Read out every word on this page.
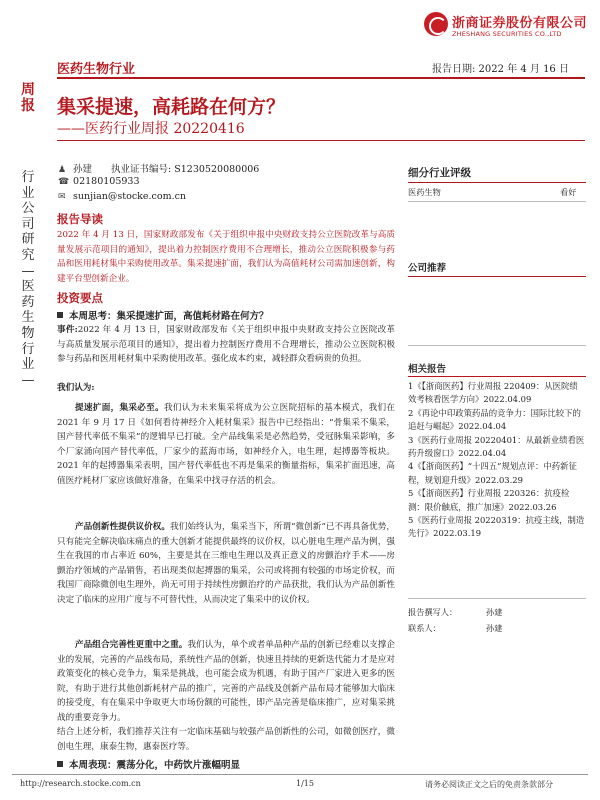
浙商证券股份有限公司
ZHESHANG SECURITIES CO.,LTD
医药生物行业	报告日期: 2022 年 4 月 16 日
周报
行业公司研究—医药生物行业—
集采提速，高耗路在何方？
——医药行业周报 20220416
♟ 孙建　　执业证书编号: S1230520080006
☎ 02180105933
✉ sunjian@stocke.com.cn
报告导读
2022 年 4 月 13 日，国家财政部发布《关于组织申报中央财政支持公立医院改革与高质量发展示范项目的通知》，提出着力控制医疗费用不合理增长，推动公立医院积极参与药品和医用耗材集中采购使用改革。集采提速扩面，我们认为高值耗材公司需加速创新，构建平台型创新企业。
投资要点
本周思考：集采提速扩面，高值耗材路在何方？
事件:2022 年 4 月 13 日，国家财政部发布《关于组织申报中央财政支持公立医院改革与高质量发展示范项目的通知》，提出着力控制医疗费用不合理增长，推动公立医院积极参与药品和医用耗材集中采购使用改革。强化成本约束，减轻群众看病贵的负担。
我们认为:
提速扩面，集采必至。我们认为未来集采将成为公立医院招标的基本模式，我们在 2021 年 9 月 17 日《如何看待神经介入耗材集采》报告中已经指出：“骨集采不集采，国产替代率低不集采”的逻辑早已打破。全产品线集采是必然趋势，受冠脉集采影响，多个厂家涌向国产替代率低，厂家少的蓝海市场，如神经介入，电生理，起搏器等板块。2021 年的起搏器集采表明，国产替代率低也不再是集采的衡量指标，集采扩面迅速，高值医疗耗材厂家应该做好准备，在集采中找寻存活的机会。
产品创新性提供议价权。我们始终认为，集采当下，所谓“微创新”已不再具备优势，只有能完全解决临床痛点的重大创新才能提供最终的议价权，以心脏电生理产品为例，强生在我国的市占率近 60%，主要是其在三维电生理以及真正意义的房颤治疗手术——房颤治疗领域的产品销售，若出现类似起搏器的集采，公司或将拥有较强的市场定价权，而我国厂商除微创电生理外，尚无可用于持续性房颤治疗的产品获批，我们认为产品创新性决定了临床的应用广度与不可替代性，从而决定了集采中的议价权。
产品组合完善性更重中之重。我们认为，单个或者单品种产品的创新已经难以支撑企业的发展，完善的产品线布局，系统性产品的创新，快速且持续的更新迭代能力才是应对政策变化的核心竞争力，集采是挑战，也可能会成为机遇，有助于国产厂家进入更多的医院，有助于进行其他创新耗材产品的推广，完善的产品线及创新产品布局才能够加大临床的接受度，有在集采中争取更大市场份额的可能性，即产品完善是临床推广，应对集采挑战的重要竞争力。
结合上述分析，我们推荐关注有一定临床基础与较强产品创新性的公司，如微创医疗，微创电生理，康泰生物，惠泰医疗等。
本周表现：震荡分化，中药饮片涨幅明显
细分行业评级
医药生物	看好
公司推荐
相关报告
1《【浙商医药】行业周报 220409：从医院绩效考核看医学方向》2022.04.09
2《再论中印政策药品的竞争力：国际比较下的追赶与崛起》2022.04.04
3《医药行业周报 20220401：从最新业绩看医药升级窗口》2022.04.04
4《【浙商医药】“十四五”规划点评：中药新征程，规划迎升级》2022.03.29
5《【浙商医药】行业周报 220326：抗疫检测：限价触底，推广加速》2022.03.26
5《医药行业周报 20220319：抗疫主线，制造先行》2022.03.19
报告撰写人：	孙建
联系人：	孙建
http://research.stocke.com.cn	1/15	请务必阅读正文之后的免责条款部分
